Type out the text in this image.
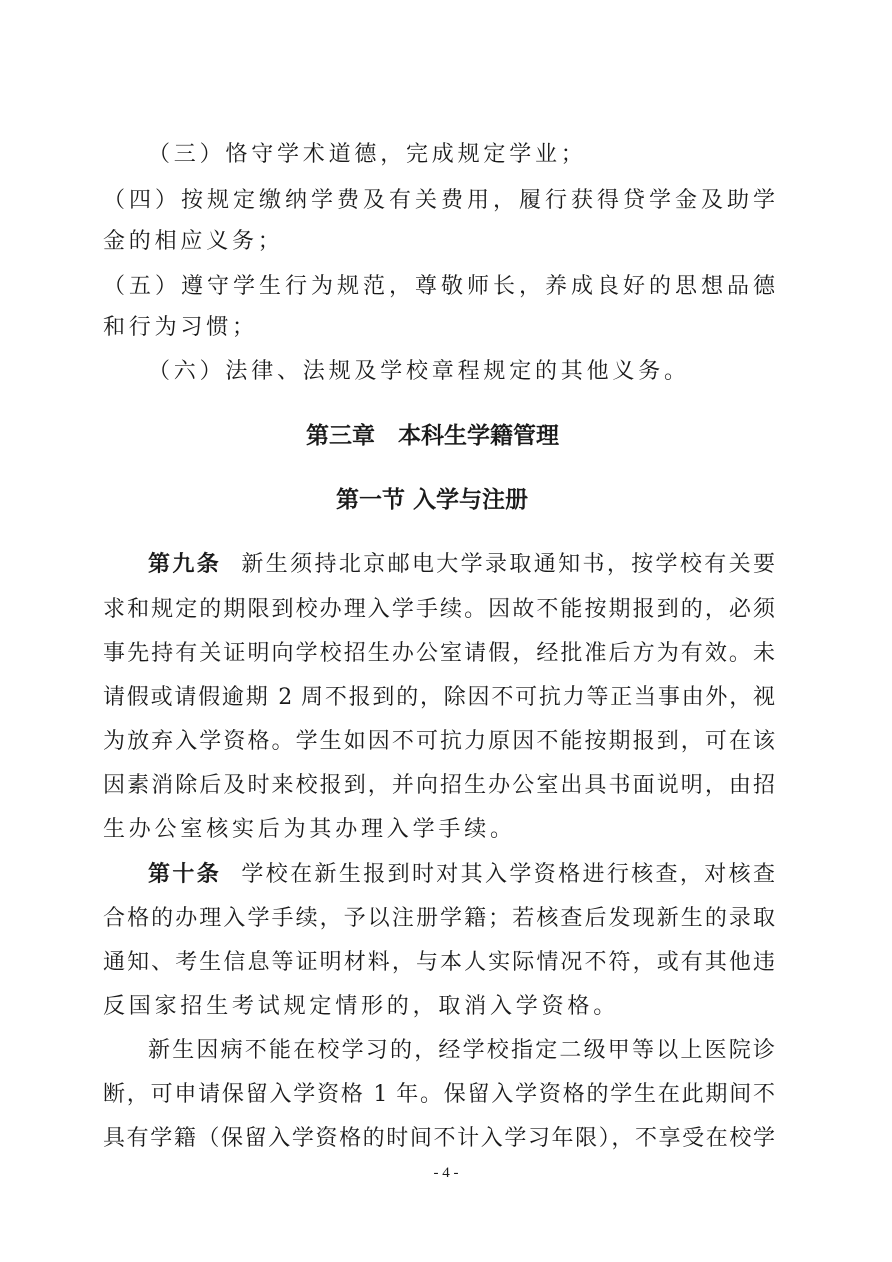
（三）恪守学术道德，完成规定学业；
（四）按规定缴纳学费及有关费用，履行获得贷学金及助学
金的相应义务；
（五）遵守学生行为规范，尊敬师长，养成良好的思想品德
和行为习惯；
（六）法律、法规及学校章程规定的其他义务。
第三章　本科生学籍管理
第一节 入学与注册
第九条 新生须持北京邮电大学录取通知书，按学校有关要
求和规定的期限到校办理入学手续。因故不能按期报到的，必须
事先持有关证明向学校招生办公室请假，经批准后方为有效。未
请假或请假逾期 2 周不报到的，除因不可抗力等正当事由外，视
为放弃入学资格。学生如因不可抗力原因不能按期报到，可在该
因素消除后及时来校报到，并向招生办公室出具书面说明，由招
生办公室核实后为其办理入学手续。
第十条 学校在新生报到时对其入学资格进行核查，对核查
合格的办理入学手续，予以注册学籍；若核查后发现新生的录取
通知、考生信息等证明材料，与本人实际情况不符，或有其他违
反国家招生考试规定情形的，取消入学资格。
新生因病不能在校学习的，经学校指定二级甲等以上医院诊
断，可申请保留入学资格 1 年。保留入学资格的学生在此期间不
具有学籍（保留入学资格的时间不计入学习年限），不享受在校学
- 4 -
